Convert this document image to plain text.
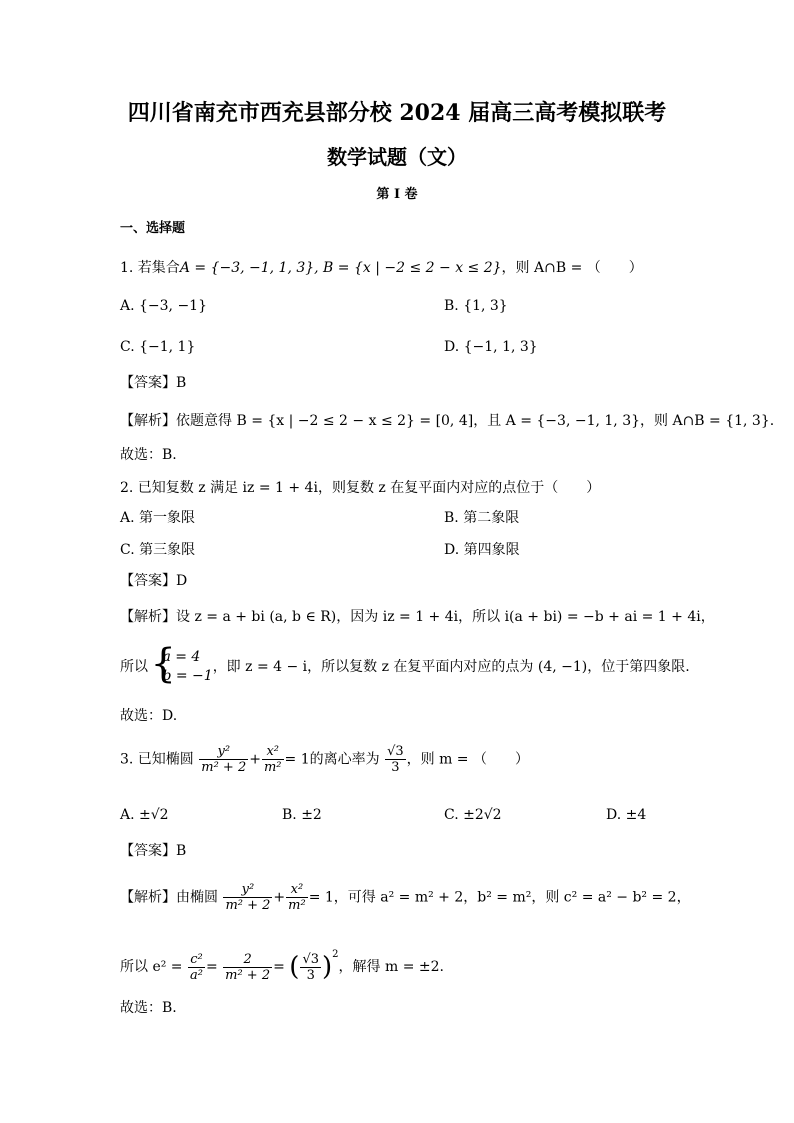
四川省南充市西充县部分校 2024 届高三高考模拟联考
数学试题（文）
第 I 卷
一、选择题
1. 若集合A = {−3, −1, 1, 3}, B = {x | −2 ≤ 2 − x ≤ 2}，则 A∩B = （　　）
A. {−3, −1}	B. {1, 3}
C. {−1, 1}	D. {−1, 1, 3}
【答案】B
【解析】依题意得 B = {x | −2 ≤ 2 − x ≤ 2} = [0, 4]，且 A = {−3, −1, 1, 3}，则 A∩B = {1, 3}.
故选：B.
2. 已知复数 z 满足 iz = 1 + 4i，则复数 z 在复平面内对应的点位于（　　）
A. 第一象限	B. 第二象限
C. 第三象限	D. 第四象限
【答案】D
【解析】设 z = a + bi (a, b ∈ R)，因为 iz = 1 + 4i，所以 i(a + bi) = −b + ai = 1 + 4i，
所以
{ a = 4
b = −1
，即 z = 4 − i，所以复数 z 在复平面内对应的点为 (4, −1)，位于第四象限.
故选：D.
3. 已知椭圆 $\frac{\text{y²}}{\text{m² + 2}} + \frac{\text{x²}}{\text{m²}} = 1$的离心率为 $\frac{√3}{3}$ ，则 m = （　　）
A. ±√2	B. ±2	C. ±2√2	D. ±4
【答案】B
【解析】由椭圆 $\frac{\text{y²}}{\text{m² + 2}} + \frac{\text{x²}}{\text{m²}} = 1$，可得 a² = m² + 2，b² = m²，则 c² = a² − b² = 2，
所以 $e^2 = \frac{\text{c²}}{\text{a²}} = \frac{2}{\text{m² + 2}}$ = ( $\frac{√3}{3} )^2$，解得 m = ±2.
故选：B.
